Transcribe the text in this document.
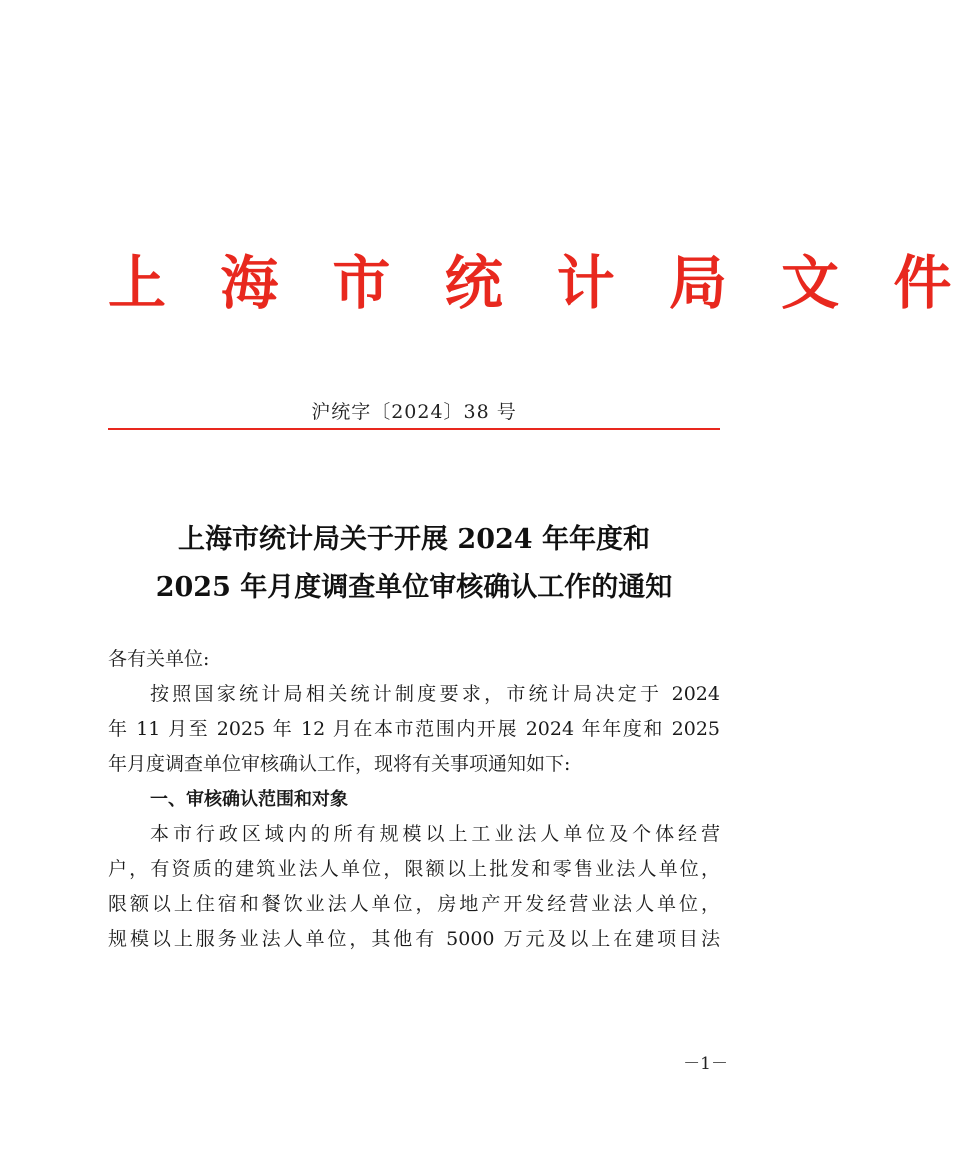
上 海 市 统 计 局 文 件
沪统字〔2024〕38 号
上海市统计局关于开展 2024 年年度和
2025 年月度调查单位审核确认工作的通知

各有关单位:

按照国家统计局相关统计制度要求，市统计局决定于 2024
年 11 月至 2025 年 12 月在本市范围内开展 2024 年年度和 2025
年月度调查单位审核确认工作，现将有关事项通知如下:

一、审核确认范围和对象

本市行政区域内的所有规模以上工业法人单位及个体经营
户，有资质的建筑业法人单位，限额以上批发和零售业法人单位，
限额以上住宿和餐饮业法人单位，房地产开发经营业法人单位，
规模以上服务业法人单位，其他有 5000 万元及以上在建项目法

－1－
